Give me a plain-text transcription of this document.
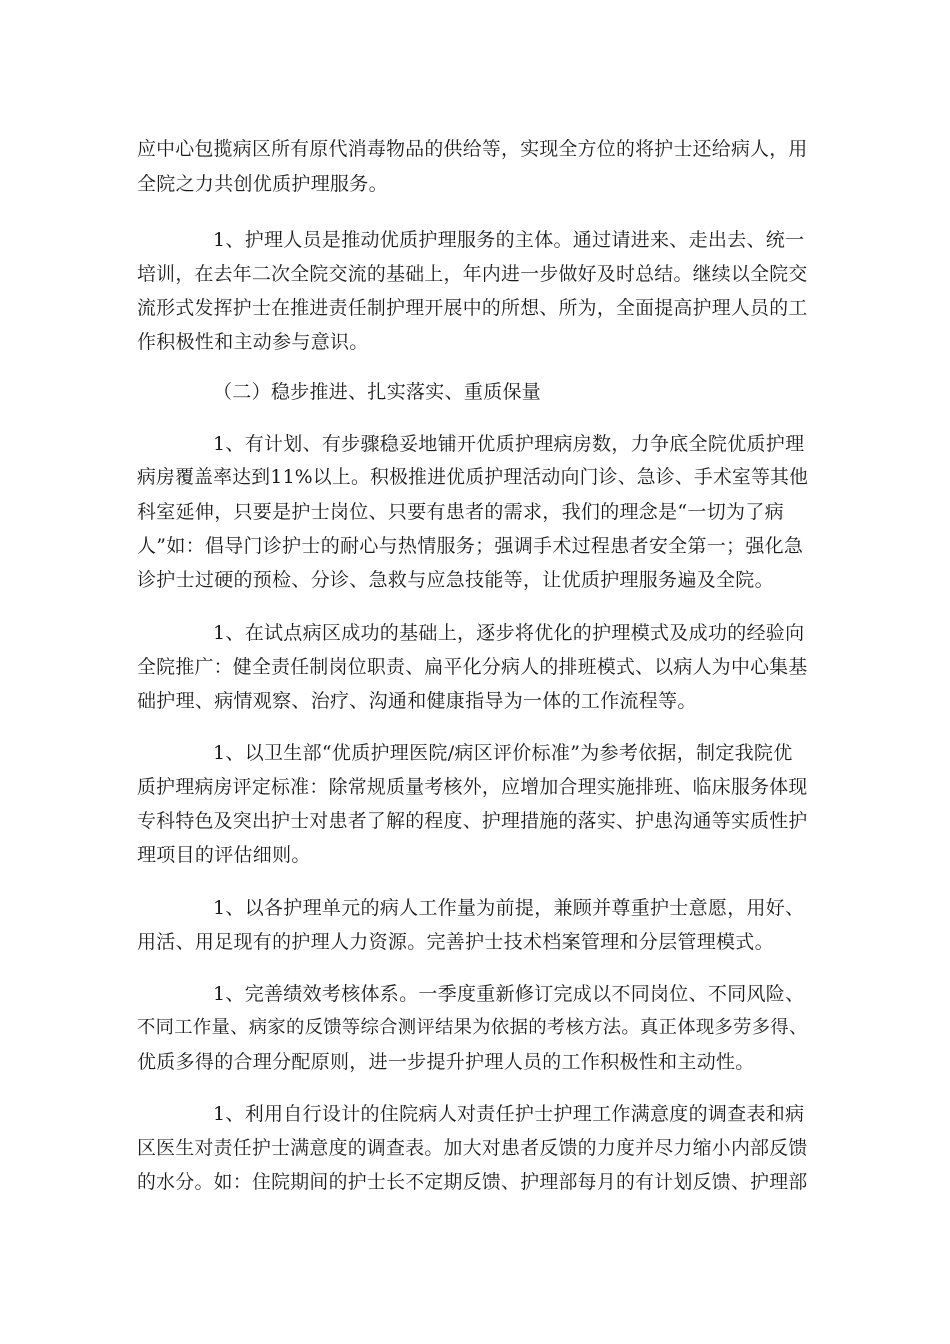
应中心包揽病区所有原代消毒物品的供给等，实现全方位的将护士还给病人，用
全院之力共创优质护理服务。
1、护理人员是推动优质护理服务的主体。通过请进来、走出去、统一
培训，在去年二次全院交流的基础上，年内进一步做好及时总结。继续以全院交
流形式发挥护士在推进责任制护理开展中的所想、所为，全面提高护理人员的工
作积极性和主动参与意识。
（二）稳步推进、扎实落实、重质保量
1、有计划、有步骤稳妥地铺开优质护理病房数，力争底全院优质护理
病房覆盖率达到11%以上。积极推进优质护理活动向门诊、急诊、手术室等其他
科室延伸，只要是护士岗位、只要有患者的需求，我们的理念是“一切为了病
人”如：倡导门诊护士的耐心与热情服务；强调手术过程患者安全第一；强化急
诊护士过硬的预检、分诊、急救与应急技能等，让优质护理服务遍及全院。
1、在试点病区成功的基础上，逐步将优化的护理模式及成功的经验向
全院推广：健全责任制岗位职责、扁平化分病人的排班模式、以病人为中心集基
础护理、病情观察、治疗、沟通和健康指导为一体的工作流程等。
1、以卫生部“优质护理医院/病区评价标准”为参考依据，制定我院优
质护理病房评定标准：除常规质量考核外，应增加合理实施排班、临床服务体现
专科特色及突出护士对患者了解的程度、护理措施的落实、护患沟通等实质性护
理项目的评估细则。
1、以各护理单元的病人工作量为前提，兼顾并尊重护士意愿，用好、
用活、用足现有的护理人力资源。完善护士技术档案管理和分层管理模式。
1、完善绩效考核体系。一季度重新修订完成以不同岗位、不同风险、
不同工作量、病家的反馈等综合测评结果为依据的考核方法。真正体现多劳多得、
优质多得的合理分配原则，进一步提升护理人员的工作积极性和主动性。
1、利用自行设计的住院病人对责任护士护理工作满意度的调查表和病
区医生对责任护士满意度的调查表。加大对患者反馈的力度并尽力缩小内部反馈
的水分。如：住院期间的护士长不定期反馈、护理部每月的有计划反馈、护理部
